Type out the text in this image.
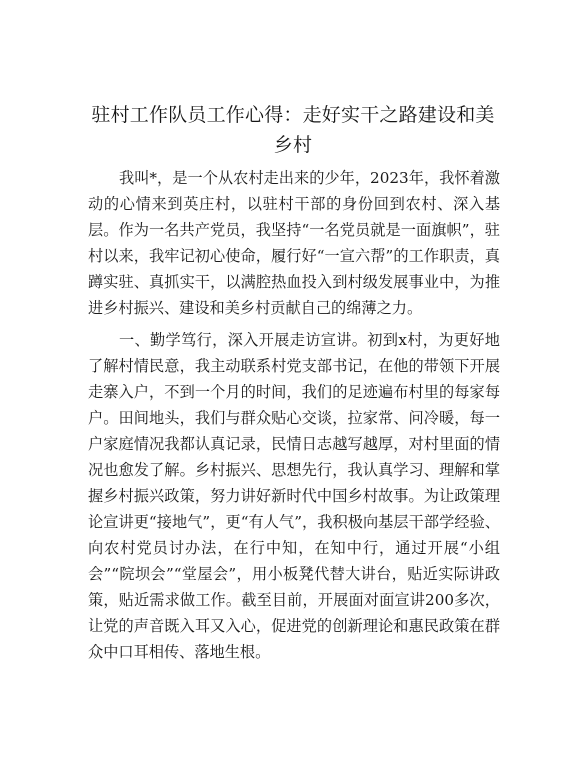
驻村工作队员工作心得：走好实干之路建设和美乡村

我叫*，是一个从农村走出来的少年，2023年，我怀着激动的心情来到英庄村，以驻村干部的身份回到农村、深入基层。作为一名共产党员，我坚持“一名党员就是一面旗帜”，驻村以来，我牢记初心使命，履行好“一宣六帮”的工作职责，真蹲实驻、真抓实干，以满腔热血投入到村级发展事业中，为推进乡村振兴、建设和美乡村贡献自己的绵薄之力。

一、勤学笃行，深入开展走访宣讲。初到x村，为更好地了解村情民意，我主动联系村党支部书记，在他的带领下开展走寨入户，不到一个月的时间，我们的足迹遍布村里的每家每户。田间地头，我们与群众贴心交谈，拉家常、问冷暖，每一户家庭情况我都认真记录，民情日志越写越厚，对村里面的情况也愈发了解。乡村振兴、思想先行，我认真学习、理解和掌握乡村振兴政策，努力讲好新时代中国乡村故事。为让政策理论宣讲更“接地气”，更“有人气”，我积极向基层干部学经验、向农村党员讨办法，在行中知，在知中行，通过开展“小组会”“院坝会”“堂屋会”，用小板凳代替大讲台，贴近实际讲政策，贴近需求做工作。截至目前，开展面对面宣讲200多次，让党的声音既入耳又入心，促进党的创新理论和惠民政策在群众中口耳相传、落地生根。
